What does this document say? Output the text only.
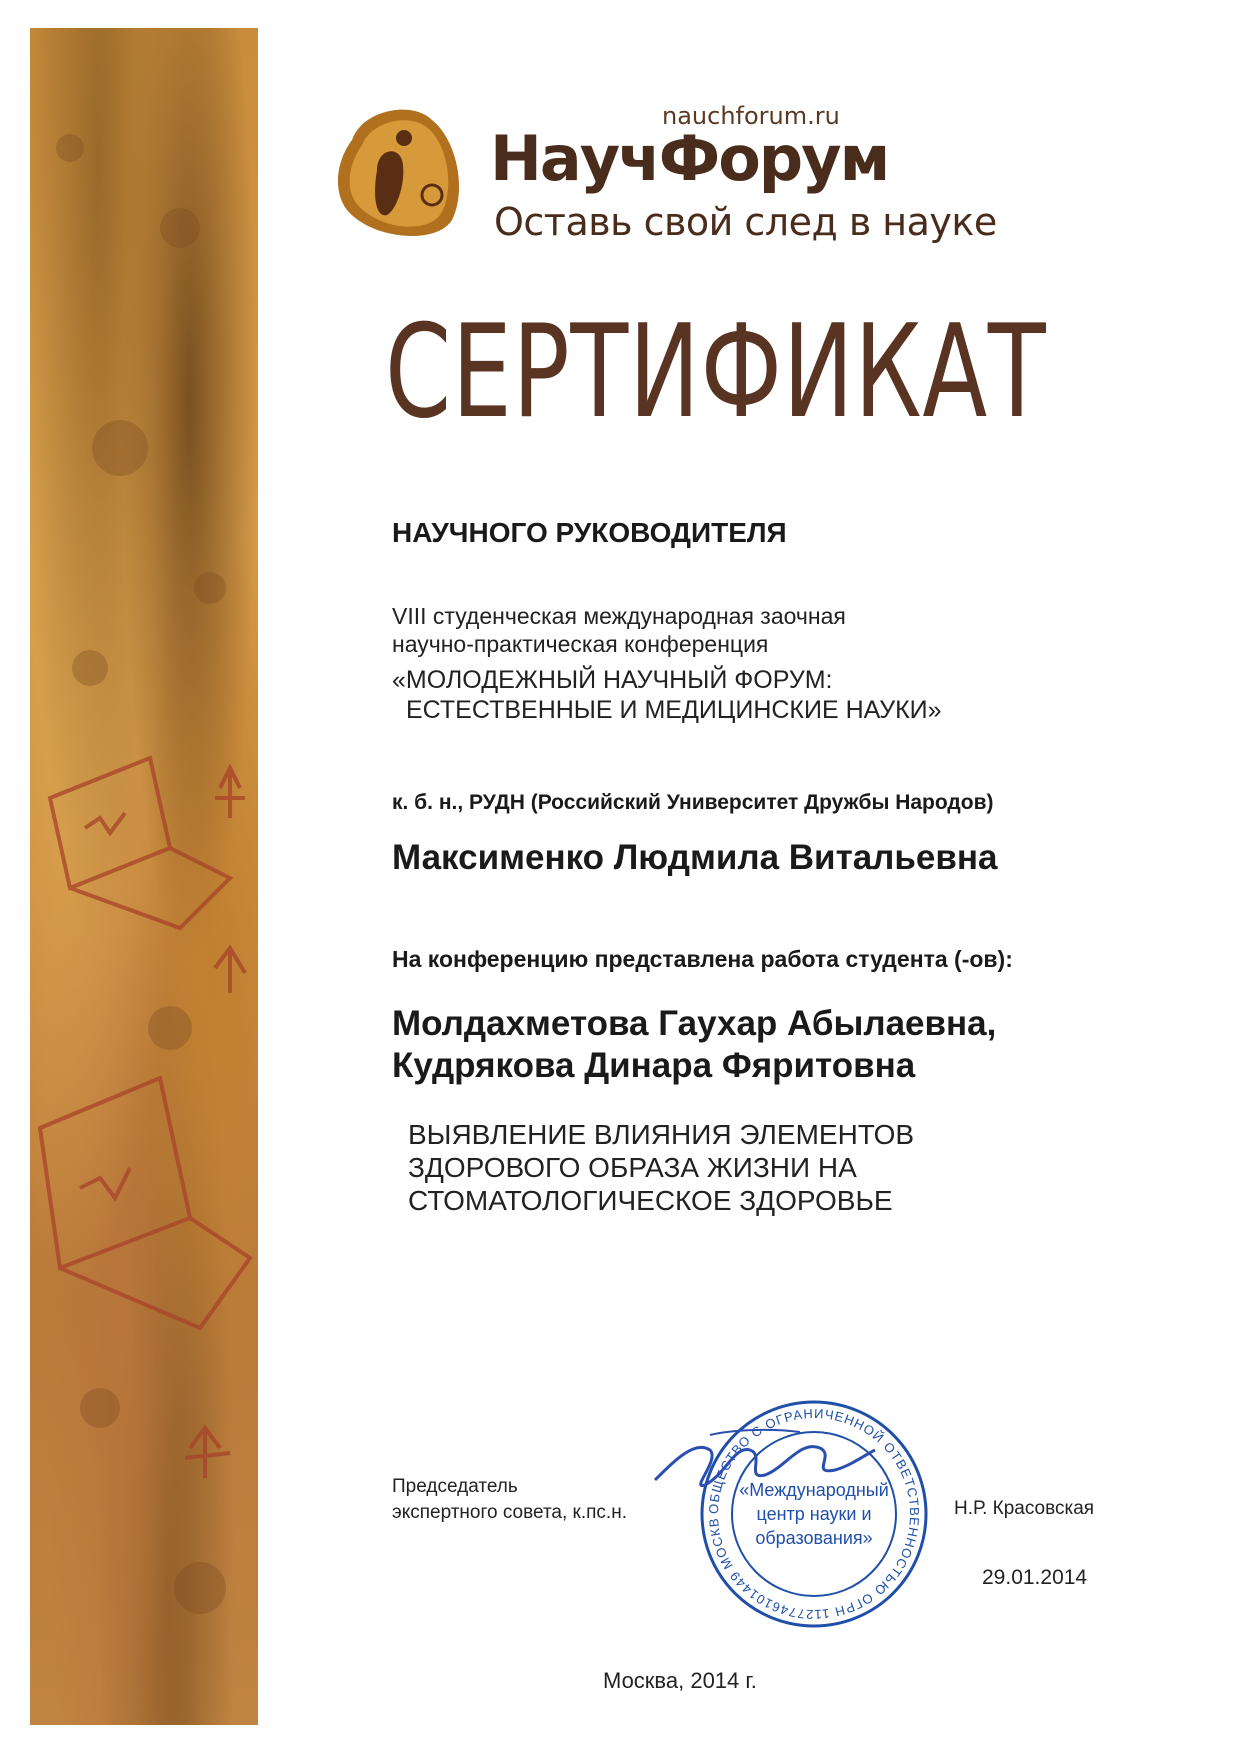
nauchforum.ru
НаучФорум
Оставь свой след в науке
СЕРТИФИКАТ
НАУЧНОГО РУКОВОДИТЕЛЯ
VIII студенческая международная заочная
научно-практическая конференция
«МОЛОДЕЖНЫЙ НАУЧНЫЙ ФОРУМ:
ЕСТЕСТВЕННЫЕ И МЕДИЦИНСКИЕ НАУКИ»
к. б. н., РУДН (Российский Университет Дружбы Народов)
Максименко Людмила Витальевна
На конференцию представлена работа студента (-ов):
Молдахметова Гаухар Абылаевна,
Кудрякова Динара Фяритовна
ВЫЯВЛЕНИЕ ВЛИЯНИЯ ЭЛЕМЕНТОВ
ЗДОРОВОГО ОБРАЗА ЖИЗНИ НА
СТОМАТОЛОГИЧЕСКОЕ ЗДОРОВЬЕ
Председатель
экспертного совета, к.пс.н.	ОБЩЕСТВО С ОГРАНИЧЕННОЙ ОТВЕТСТВЕННОСТЬЮ ОГРН 1127746101449 МОСКВ
«Международный
центр науки и
образования»
Н.Р. Красовская
29.01.2014
Москва, 2014 г.
